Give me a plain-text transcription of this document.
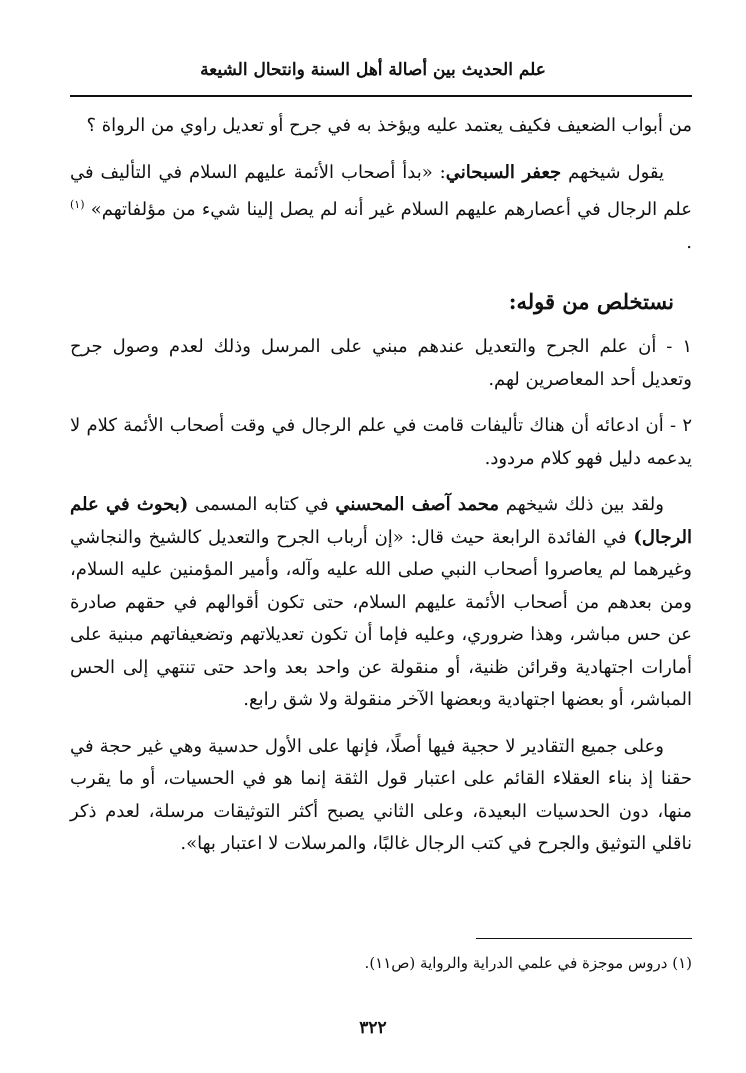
علم الحديث بين أصالة أهل السنة وانتحال الشيعة

من أبواب الضعيف فكيف يعتمد عليه ويؤخذ به في جرح أو تعديل راوي من الرواة ؟

يقول شيخهم جعفر السبحاني: «بدأ أصحاب الأئمة عليهم السلام في التأليف في علم الرجال في أعصارهم عليهم السلام غير أنه لم يصل إلينا شيء من مؤلفاتهم» $^{(١)}$ .

نستخلص من قوله:

١ - أن علم الجرح والتعديل عندهم مبني على المرسل وذلك لعدم وصول جرح وتعديل أحد المعاصرين لهم.

٢ - أن ادعائه أن هناك تأليفات قامت في علم الرجال في وقت أصحاب الأئمة كلام لا يدعمه دليل فهو كلام مردود.

ولقد بين ذلك شيخهم محمد آصف المحسني في كتابه المسمى (بحوث في علم الرجال) في الفائدة الرابعة حيث قال: «إن أرباب الجرح والتعديل كالشيخ والنجاشي وغيرهما لم يعاصروا أصحاب النبي صلى الله عليه وآله، وأمير المؤمنين عليه السلام، ومن بعدهم من أصحاب الأئمة عليهم السلام، حتى تكون أقوالهم في حقهم صادرة عن حس مباشر، وهذا ضروري، وعليه فإما أن تكون تعديلاتهم وتضعيفاتهم مبنية على أمارات اجتهادية وقرائن ظنية، أو منقولة عن واحد بعد واحد حتى تنتهي إلى الحس المباشر، أو بعضها اجتهادية وبعضها الآخر منقولة ولا شق رابع.

وعلى جميع التقادير لا حجية فيها أصلًا، فإنها على الأول حدسية وهي غير حجة في حقنا إذ بناء العقلاء القائم على اعتبار قول الثقة إنما هو في الحسيات، أو ما يقرب منها، دون الحدسيات البعيدة، وعلى الثاني يصبح أكثر التوثيقات مرسلة، لعدم ذكر ناقلي التوثيق والجرح في كتب الرجال غالبًا، والمرسلات لا اعتبار بها».

(١) دروس موجزة في علمي الدراية والرواية (ص١١).
٣٢٢
